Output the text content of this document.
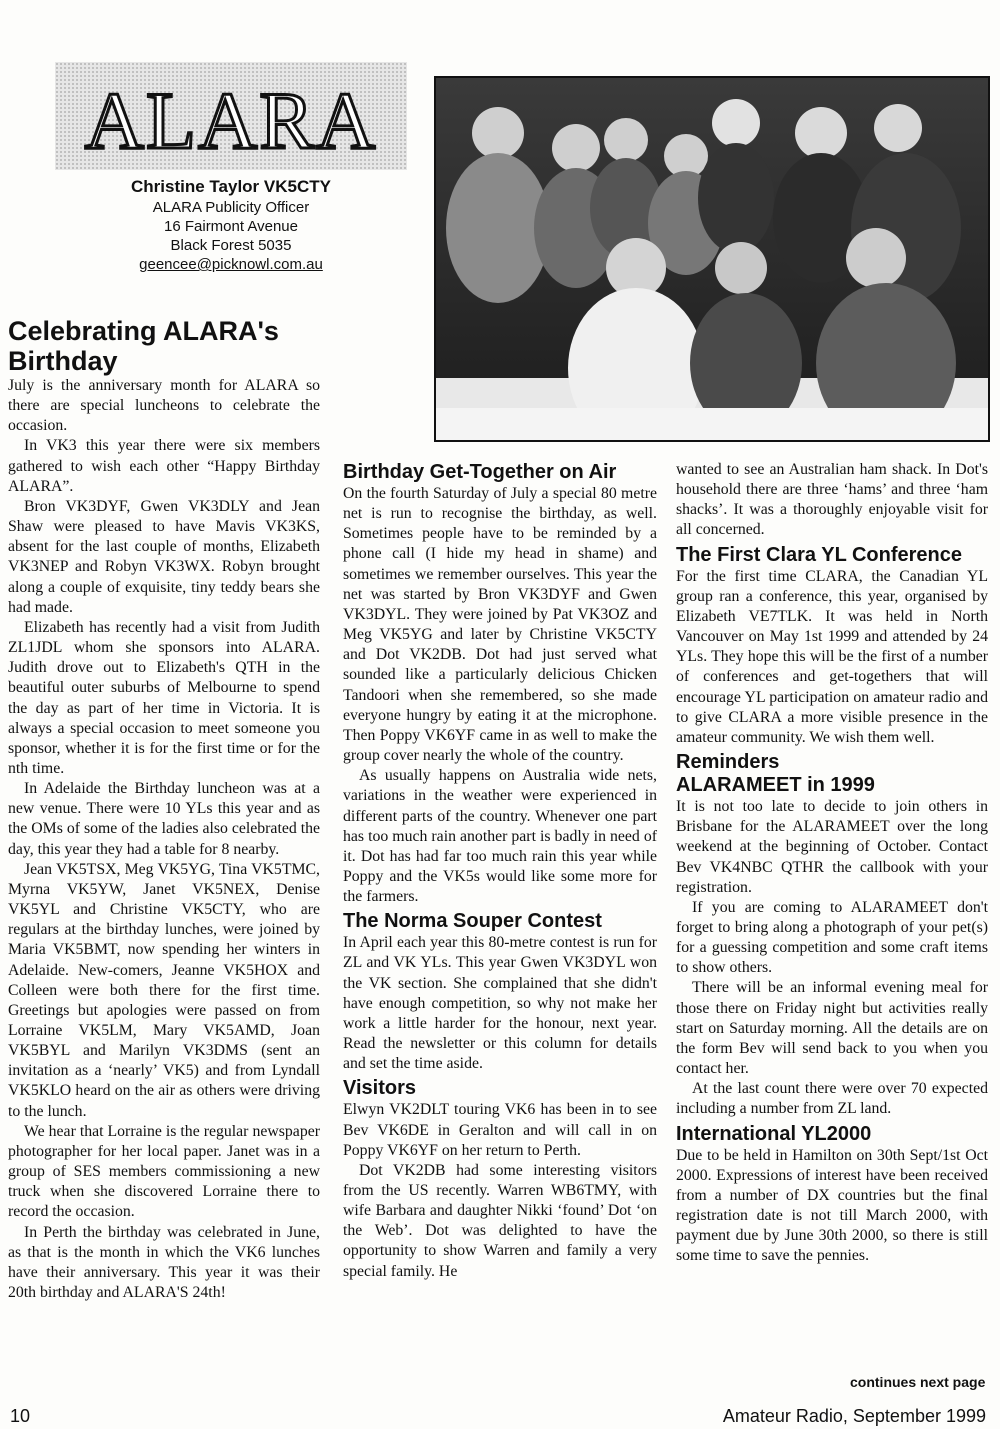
ALARA
Christine Taylor VK5CTY
ALARA Publicity Officer
16 Fairmont Avenue
Black Forest 5035
geencee@picknowl.com.au
Celebrating ALARA's Birthday

July is the anniversary month for ALARA so there are special luncheons to celebrate the occasion.

In VK3 this year there were six members gathered to wish each other “Happy Birthday ALARA”.

Bron VK3DYF, Gwen VK3DLY and Jean Shaw were pleased to have Mavis VK3KS, absent for the last couple of months, Elizabeth VK3NEP and Robyn VK3WX. Robyn brought along a couple of exquisite, tiny teddy bears she had made.

Elizabeth has recently had a visit from Judith ZL1JDL whom she sponsors into ALARA. Judith drove out to Elizabeth's QTH in the beautiful outer suburbs of Melbourne to spend the day as part of her time in Victoria. It is always a special occasion to meet someone you sponsor, whether it is for the first time or for the nth time.

In Adelaide the Birthday luncheon was at a new venue. There were 10 YLs this year and as the OMs of some of the ladies also celebrated the day, this year they had a table for 8 nearby.

Jean VK5TSX, Meg VK5YG, Tina VK5TMC, Myrna VK5YW, Janet VK5NEX, Denise VK5YL and Christine VK5CTY, who are regulars at the birthday lunches, were joined by Maria VK5BMT, now spending her winters in Adelaide. New-comers, Jeanne VK5HOX and Colleen were both there for the first time. Greetings but apologies were passed on from Lorraine VK5LM, Mary VK5AMD, Joan VK5BYL and Marilyn VK3DMS (sent an invitation as a ‘nearly’ VK5) and from Lyndall VK5KLO heard on the air as others were driving to the lunch.

We hear that Lorraine is the regular newspaper photographer for her local paper. Janet was in a group of SES members commissioning a new truck when she discovered Lorraine there to record the occasion.

In Perth the birthday was celebrated in June, as that is the month in which the VK6 lunches have their anniversary. This year it was their 20th birthday and ALARA'S 24th!

Birthday Get-Together on Air

On the fourth Saturday of July a special 80 metre net is run to recognise the birthday, as well. Sometimes people have to be reminded by a phone call (I hide my head in shame) and sometimes we remember ourselves. This year the net was started by Bron VK3DYF and Gwen VK3DYL. They were joined by Pat VK3OZ and Meg VK5YG and later by Christine VK5CTY and Dot VK2DB. Dot had just served what sounded like a particularly delicious Chicken Tandoori when she remembered, so she made everyone hungry by eating it at the microphone. Then Poppy VK6YF came in as well to make the group cover nearly the whole of the country.

As usually happens on Australia wide nets, variations in the weather were experienced in different parts of the country. Whenever one part has too much rain another part is badly in need of it. Dot has had far too much rain this year while Poppy and the VK5s would like some more for the farmers.

The Norma Souper Contest

In April each year this 80-metre contest is run for ZL and VK YLs. This year Gwen VK3DYL won the VK section. She complained that she didn't have enough competition, so why not make her work a little harder for the honour, next year. Read the newsletter or this column for details and set the time aside.

Visitors

Elwyn VK2DLT touring VK6 has been in to see Bev VK6DE in Geralton and will call in on Poppy VK6YF on her return to Perth.

Dot VK2DB had some interesting visitors from the US recently. Warren WB6TMY, with wife Barbara and daughter Nikki ‘found’ Dot ‘on the Web’. Dot was delighted to have the opportunity to show Warren and family a very special family. He

wanted to see an Australian ham shack. In Dot's household there are three ‘hams’ and three ‘ham shacks’. It was a thoroughly enjoyable visit for all concerned.

The First Clara YL Conference

For the first time CLARA, the Canadian YL group ran a conference, this year, organised by Elizabeth VE7TLK. It was held in North Vancouver on May 1st 1999 and attended by 24 YLs. They hope this will be the first of a number of conferences and get-togethers that will encourage YL participation on amateur radio and to give CLARA a more visible presence in the amateur community. We wish them well.

Reminders
ALARAMEET in 1999

It is not too late to decide to join others in Brisbane for the ALARAMEET over the long weekend at the beginning of October. Contact Bev VK4NBC QTHR the callbook with your registration.

If you are coming to ALARAMEET don't forget to bring along a photograph of your pet(s) for a guessing competition and some craft items to show others.

There will be an informal evening meal for those there on Friday night but activities really start on Saturday morning. All the details are on the form Bev will send back to you when you contact her.

At the last count there were over 70 expected including a number from ZL land.

International YL2000

Due to be held in Hamilton on 30th Sept/1st Oct 2000. Expressions of interest have been received from a number of DX countries but the final registration date is not till March 2000, with payment due by June 30th 2000, so there is still some time to save the pennies.

continues next page
10	Amateur Radio, September 1999
